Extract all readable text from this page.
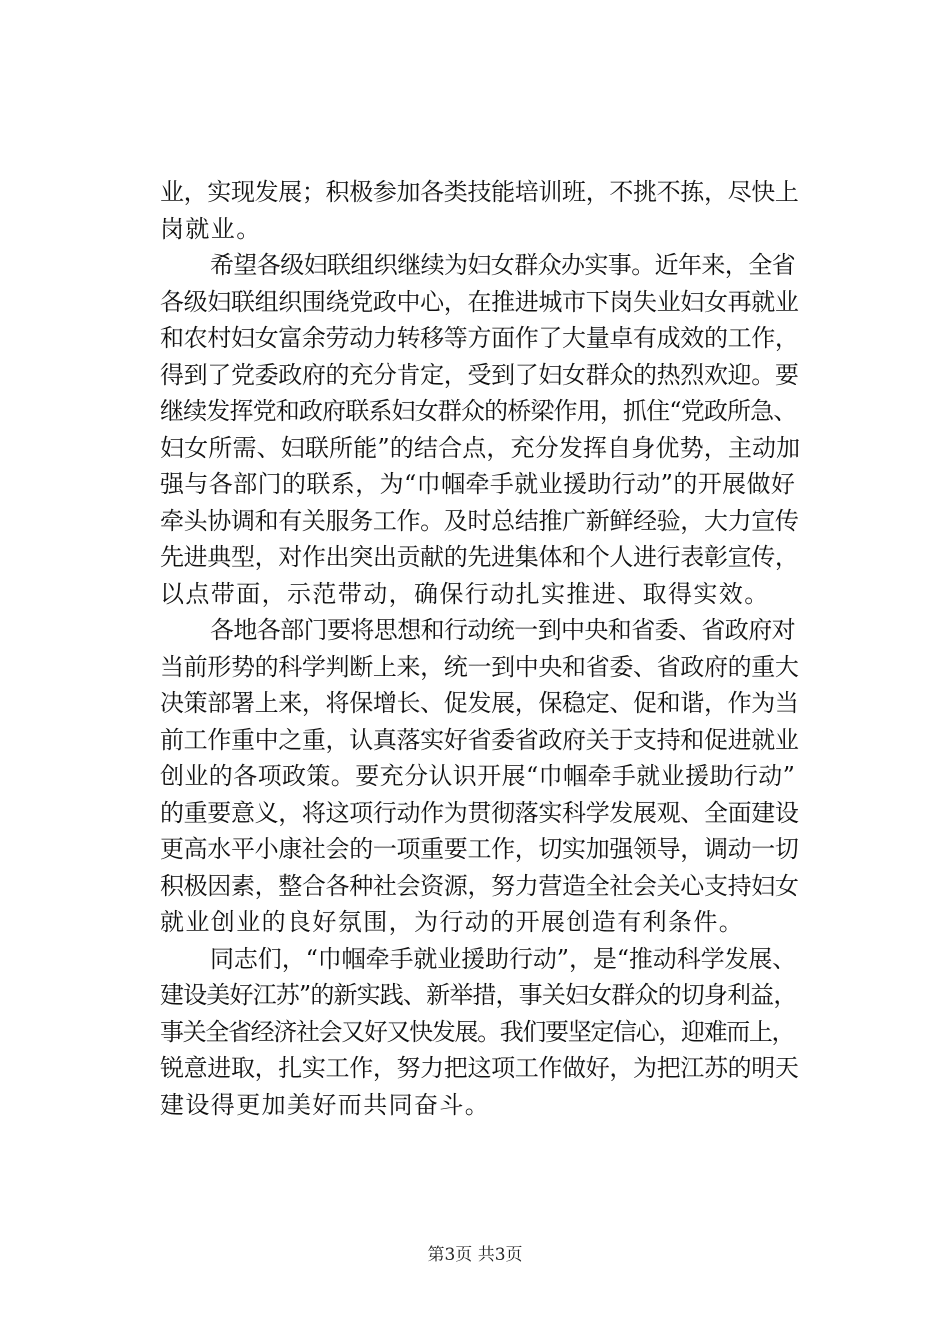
业，实现发展；积极参加各类技能培训班，不挑不拣，尽快上
岗就业。
希望各级妇联组织继续为妇女群众办实事。近年来，全省
各级妇联组织围绕党政中心，在推进城市下岗失业妇女再就业
和农村妇女富余劳动力转移等方面作了大量卓有成效的工作，
得到了党委政府的充分肯定，受到了妇女群众的热烈欢迎。要
继续发挥党和政府联系妇女群众的桥梁作用，抓住“党政所急、
妇女所需、妇联所能”的结合点，充分发挥自身优势，主动加
强与各部门的联系，为“巾帼牵手就业援助行动”的开展做好
牵头协调和有关服务工作。及时总结推广新鲜经验，大力宣传
先进典型，对作出突出贡献的先进集体和个人进行表彰宣传，
以点带面，示范带动，确保行动扎实推进、取得实效。
各地各部门要将思想和行动统一到中央和省委、省政府对
当前形势的科学判断上来，统一到中央和省委、省政府的重大
决策部署上来，将保增长、促发展，保稳定、促和谐，作为当
前工作重中之重，认真落实好省委省政府关于支持和促进就业
创业的各项政策。要充分认识开展“巾帼牵手就业援助行动”
的重要意义，将这项行动作为贯彻落实科学发展观、全面建设
更高水平小康社会的一项重要工作，切实加强领导，调动一切
积极因素，整合各种社会资源，努力营造全社会关心支持妇女
就业创业的良好氛围，为行动的开展创造有利条件。
同志们，“巾帼牵手就业援助行动”，是“推动科学发展、
建设美好江苏”的新实践、新举措，事关妇女群众的切身利益，
事关全省经济社会又好又快发展。我们要坚定信心，迎难而上，
锐意进取，扎实工作，努力把这项工作做好，为把江苏的明天
建设得更加美好而共同奋斗。
第3页 共3页
